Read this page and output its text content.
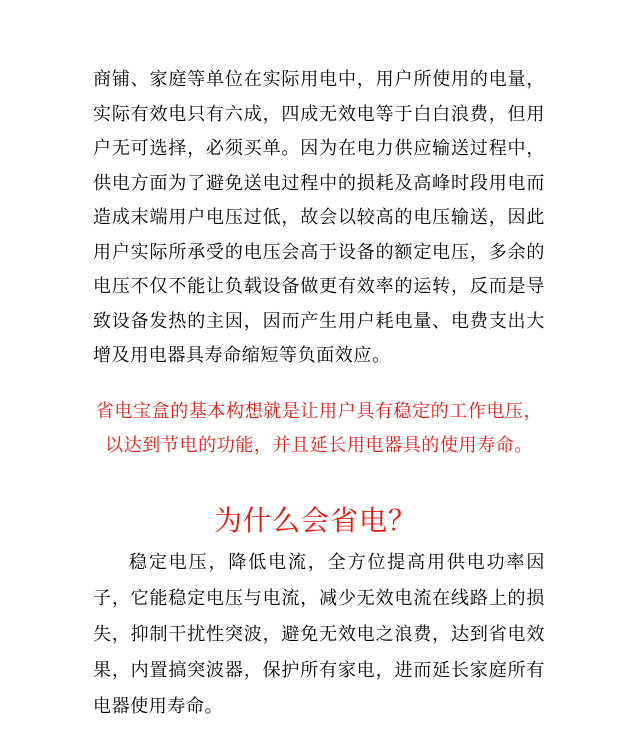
商铺、家庭等单位在实际用电中，用户所使用的电量，实际有效电只有六成，四成无效电等于白白浪费，但用户无可选择，必须买单。因为在电力供应输送过程中，供电方面为了避免送电过程中的损耗及高峰时段用电而造成末端用户电压过低，故会以较高的电压输送，因此用户实际所承受的电压会高于设备的额定电压，多余的电压不仅不能让负载设备做更有效率的运转，反而是导致设备发热的主因，因而产生用户耗电量、电费支出大增及用电器具寿命缩短等负面效应。

省电宝盒的基本构想就是让用户具有稳定的工作电压，以达到节电的功能，并且延长用电器具的使用寿命。

为什么会省电？

稳定电压，降低电流，全方位提高用供电功率因子，它能稳定电压与电流，减少无效电流在线路上的损失，抑制干扰性突波，避免无效电之浪费，达到省电效果，内置搞突波器，保护所有家电，进而延长家庭所有电器使用寿命。
